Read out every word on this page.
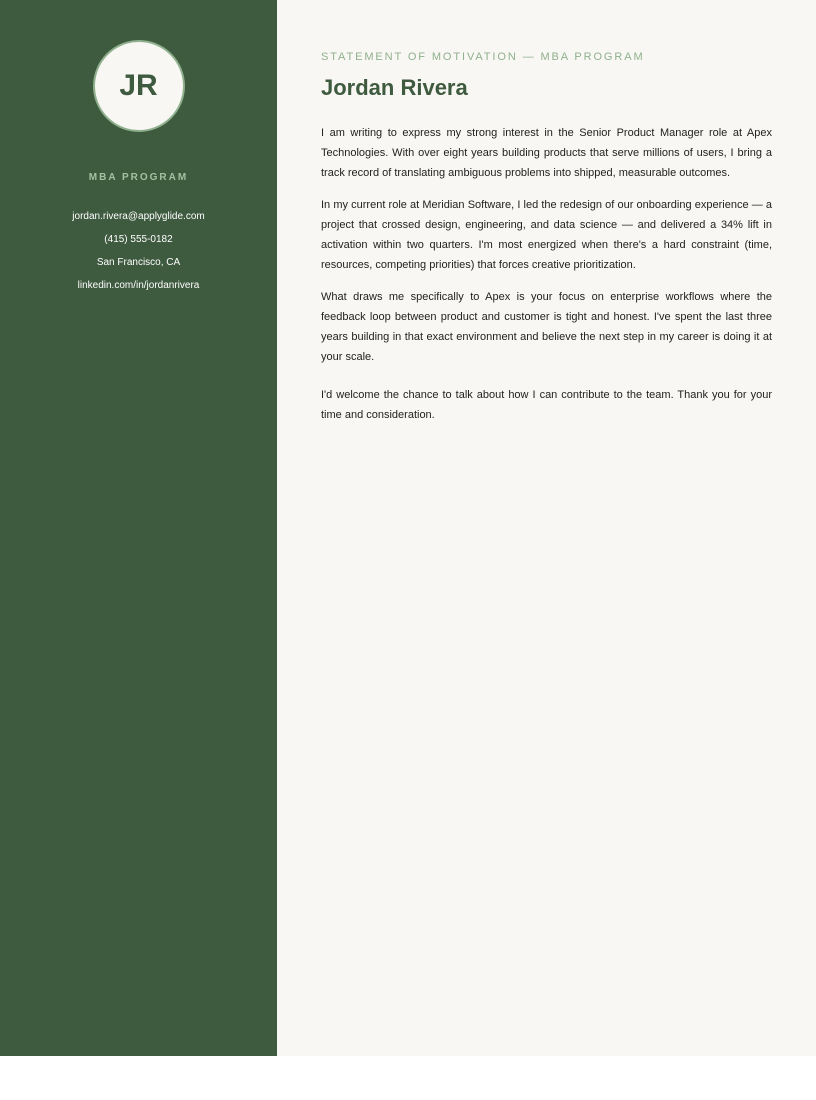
JR
MBA PROGRAM
jordan.rivera@applyglide.com
(415) 555-0182
San Francisco, CA
linkedin.com/in/jordanrivera
STATEMENT OF MOTIVATION — MBA PROGRAM
Jordan Rivera

I am writing to express my strong interest in the Senior Product Manager role at Apex Technologies. With over eight years building products that serve millions of users, I bring a track record of translating ambiguous problems into shipped, measurable outcomes.

In my current role at Meridian Software, I led the redesign of our onboarding experience — a project that crossed design, engineering, and data science — and delivered a 34% lift in activation within two quarters. I'm most energized when there's a hard constraint (time, resources, competing priorities) that forces creative prioritization.

What draws me specifically to Apex is your focus on enterprise workflows where the feedback loop between product and customer is tight and honest. I've spent the last three years building in that exact environment and believe the next step in my career is doing it at your scale.

I'd welcome the chance to talk about how I can contribute to the team. Thank you for your time and consideration.
